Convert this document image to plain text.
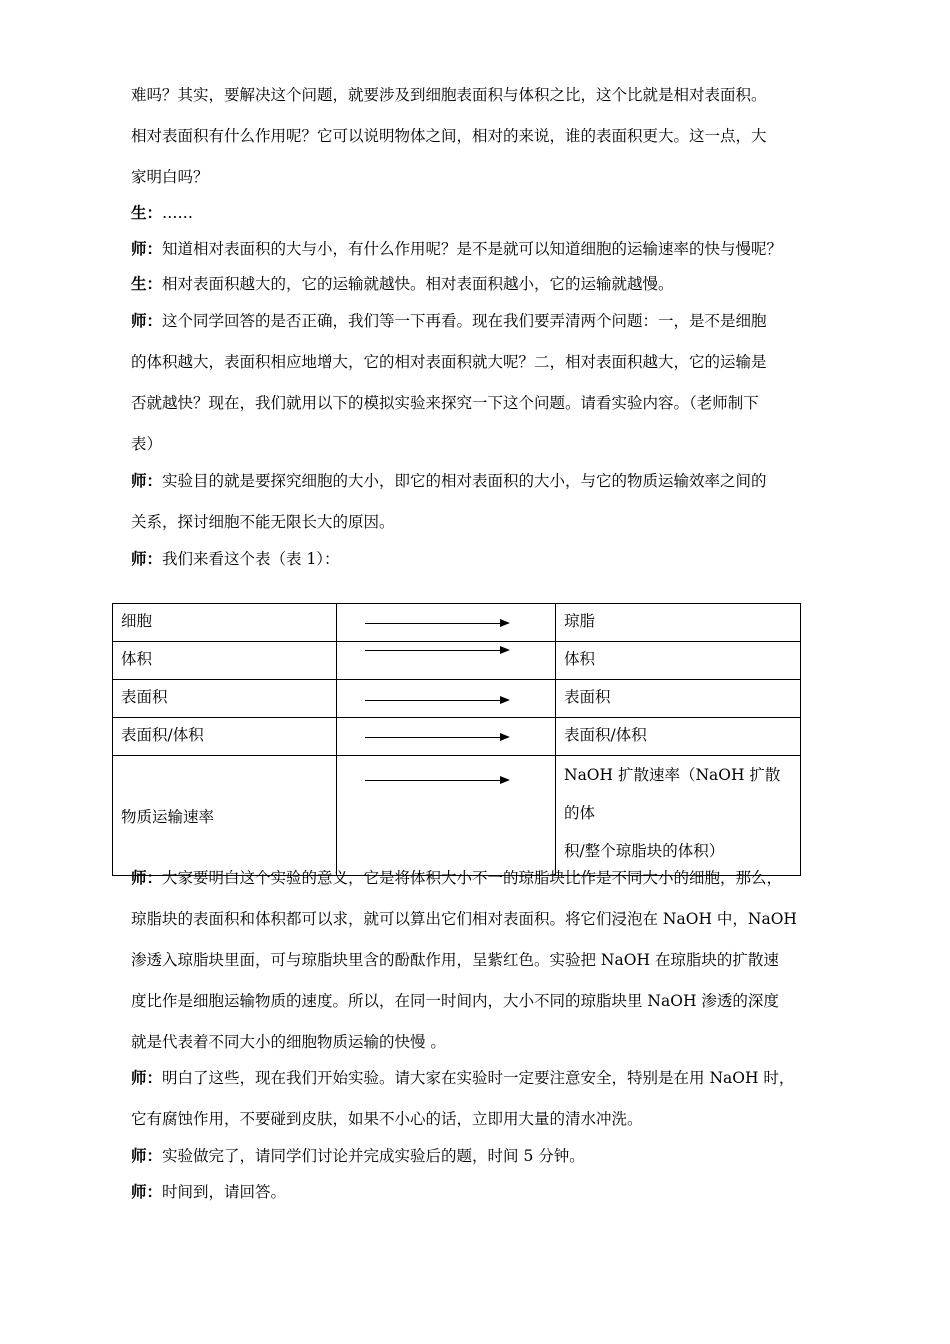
难吗？其实，要解决这个问题，就要涉及到细胞表面积与体积之比，这个比就是相对表面积。
相对表面积有什么作用呢？它可以说明物体之间，相对的来说，谁的表面积更大。这一点，大
家明白吗？
生：……
师：知道相对表面积的大与小，有什么作用呢？是不是就可以知道细胞的运输速率的快与慢呢？
生：相对表面积越大的，它的运输就越快。相对表面积越小，它的运输就越慢。
师：这个同学回答的是否正确，我们等一下再看。现在我们要弄清两个问题：一，是不是细胞
的体积越大，表面积相应地增大，它的相对表面积就大呢？二，相对表面积越大，它的运输是
否就越快？现在，我们就用以下的模拟实验来探究一下这个问题。请看实验内容。（老师制下
表）
师：实验目的就是要探究细胞的大小，即它的相对表面积的大小，与它的物质运输效率之间的
关系，探讨细胞不能无限长大的原因。
师：我们来看这个表（表 1）：
细胞		琼脂
体积		体积
表面积		表面积
表面积/体积		表面积/体积
物质运输速率		NaOH 扩散速率（NaOH 扩散的体
积/整个琼脂块的体积）
师：大家要明白这个实验的意义，它是将体积大小不一的琼脂块比作是不同大小的细胞，那么，
琼脂块的表面积和体积都可以求，就可以算出它们相对表面积。将它们浸泡在 NaOH 中，NaOH
渗透入琼脂块里面，可与琼脂块里含的酚酞作用，呈紫红色。实验把 NaOH 在琼脂块的扩散速
度比作是细胞运输物质的速度。所以，在同一时间内，大小不同的琼脂块里 NaOH 渗透的深度
就是代表着不同大小的细胞物质运输的快慢 。
师：明白了这些，现在我们开始实验。请大家在实验时一定要注意安全，特别是在用 NaOH 时，
它有腐蚀作用，不要碰到皮肤，如果不小心的话，立即用大量的清水冲洗。
师：实验做完了，请同学们讨论并完成实验后的题，时间 5 分钟。
师：时间到，请回答。
